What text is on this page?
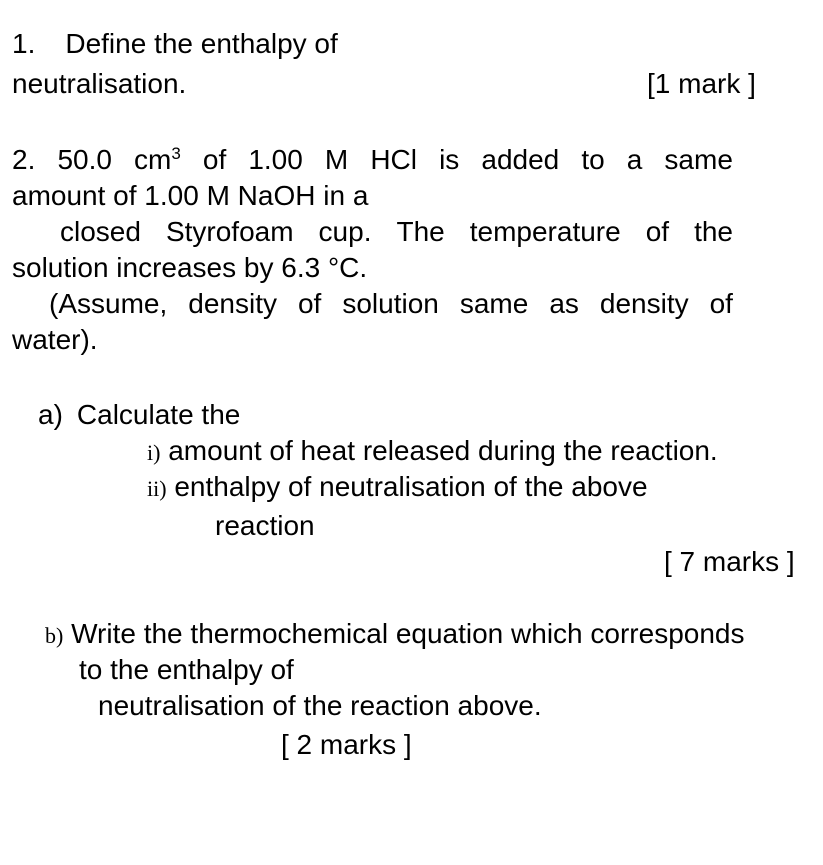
1. Define the enthalpy of
neutralisation.	[1 mark ]
2. 50.0 $cm^3$ of 1.00 M HCl is added to a same
amount of 1.00 M NaOH in a
closed Styrofoam cup. The temperature of the
solution increases by 6.3 °C.
(Assume, density of solution same as density of
water).
a) Calculate the
i) amount of heat released during the reaction.
ii) enthalpy of neutralisation of the above
reaction
[ 7 marks ]
b) Write the thermochemical equation which corresponds
to the enthalpy of
neutralisation of the reaction above.
[ 2 marks ]
